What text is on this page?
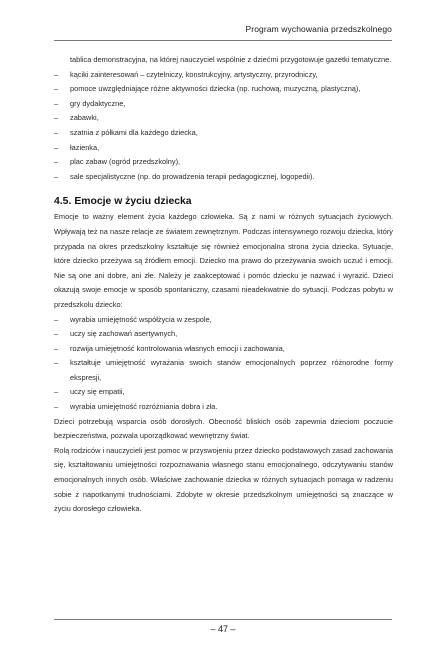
Program wychowania przedszkolnego
tablica demonstracyjna, na której nauczyciel wspólnie z dziećmi przygotowuje gazetki tematyczne.
– kąciki zainteresowań – czytelniczy, konstrukcyjny, artystyczny, przyrodniczy,
– pomoce uwzględniające różne aktywności dziecka (np. ruchową, muzyczną, plastyczną),
– gry dydaktyczne,
– zabawki,
– szatnia z półkami dla każdego dziecka,
– łazienka,
– plac zabaw (ogród przedszkolny),
– sale specjalistyczne (np. do prowadzenia terapii pedagogicznej, logopedii).
4.5. Emocje w życiu dziecka

Emocje to ważny element życia każdego człowieka. Są z nami w różnych sytuacjach życiowych. Wpływają też na nasze relacje ze światem zewnętrznym. Podczas intensywnego rozwoju dziecka, który przypada na okres przedszkolny kształtuje się również emocjonalna strona życia dziecka. Sytuacje, które dziecko przeżywa są źródłem emocji. Dziecko ma prawo do przeżywania swoich uczuć i emocji. Nie są one ani dobre, ani złe. Należy je zaakceptować i pomóc dziecku je nazwać i wyrazić. Dzieci okazują swoje emocje w sposób spontaniczny, czasami nieadekwatnie do sytuacji. Podczas pobytu w przedszkolu dziecko:

– wyrabia umiejętność współżycia w zespole,
– uczy się zachowań asertywnych,
– rozwija umiejętność kontrolowania własnych emocji i zachowania,
– kształtuje umiejętność wyrażania swoich stanów emocjonalnych poprzez różnorodne formy ekspresji,
– uczy się empatii,
– wyrabia umiejętność rozróżniania dobra i zła.

Dzieci potrzebują wsparcia osób dorosłych. Obecność bliskich osób zapewnia dzieciom poczucie bezpieczeństwa, pozwala uporządkować wewnętrzny świat.

Rolą rodziców i nauczycieli jest pomoc w przyswojeniu przez dziecko podstawowych zasad zachowania się, kształtowaniu umiejętności rozpoznawania własnego stanu emocjonalnego, odczytywaniu stanów emocjonalnych innych osób. Właściwe zachowanie dziecka w różnych sytuacjach pomaga w radzeniu sobie z napotkanymi trudnościami. Zdobyte w okresie przedszkolnym umiejętności są znaczące w życiu dorosłego człowieka.

– 47 –
